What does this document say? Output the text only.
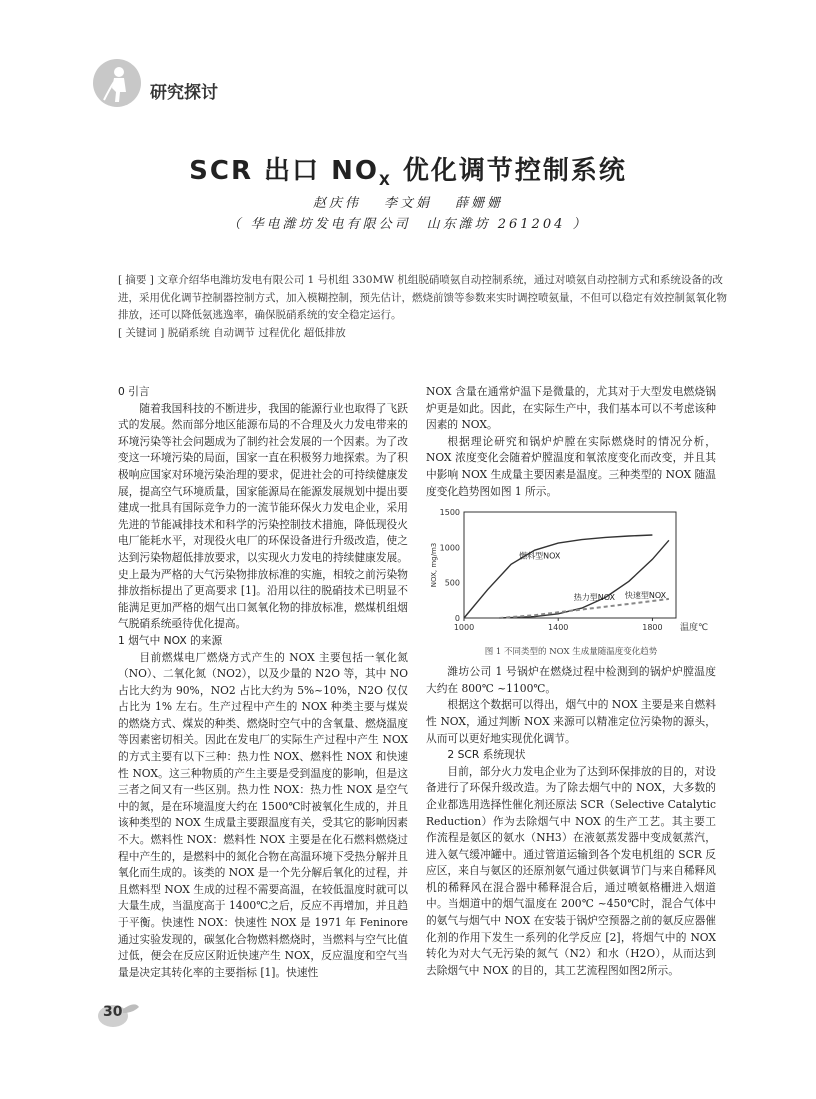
研究探讨
SCR 出口 $NO_X$ 优化调节控制系统
赵庆伟　 李文娟　 薛姗姗
（ 华电潍坊发电有限公司　山东潍坊 261204 ）
[ 摘要 ] 文章介绍华电潍坊发电有限公司 1 号机组 330MW 机组脱硝喷氨自动控制系统，通过对喷氨自动控制方式和系统设备的改进，采用优化调节控制器控制方式，加入模糊控制，预先估计，燃烧前馈等参数来实时调控喷氨量，不但可以稳定有效控制氮氧化物排放，还可以降低氨逃逸率，确保脱硝系统的安全稳定运行。
[ 关键词 ] 脱硝系统 自动调节 过程优化 超低排放
0 引言

随着我国科技的不断进步，我国的能源行业也取得了飞跃式的发展。然而部分地区能源布局的不合理及火力发电带来的环境污染等社会问题成为了制约社会发展的一个因素。为了改变这一环境污染的局面，国家一直在积极努力地探索。为了积极响应国家对环境污染治理的要求，促进社会的可持续健康发展，提高空气环境质量，国家能源局在能源发展规划中提出要建成一批具有国际竞争力的一流节能环保火力发电企业，采用先进的节能减排技术和科学的污染控制技术措施，降低现役火电厂能耗水平，对现役火电厂的环保设备进行升级改造，使之达到污染物超低排放要求，以实现火力发电的持续健康发展。史上最为严格的大气污染物排放标准的实施，相较之前污染物排放指标提出了更高要求 [1]。沿用以往的脱硝技术已明显不能满足更加严格的烟气出口氮氧化物的排放标准，燃煤机组烟气脱硝系统亟待优化提高。

1 烟气中 NOX 的来源

目前燃煤电厂燃烧方式产生的 NOX 主要包括一氧化氮（NO）、二氧化氮（NO2），以及少量的 N2O 等，其中 NO 占比大约为 90%，NO2 占比大约为 5%~10%，N2O 仅仅占比为 1% 左右。生产过程中产生的 NOX 种类主要与煤炭的燃烧方式、煤炭的种类、燃烧时空气中的含氧量、燃烧温度等因素密切相关。因此在发电厂的实际生产过程中产生 NOX 的方式主要有以下三种：热力性 NOX、燃料性 NOX 和快速性 NOX。这三种物质的产生主要是受到温度的影响，但是这三者之间又有一些区别。热力性 NOX：热力性 NOX 是空气中的氮，是在环境温度大约在 1500℃时被氧化生成的，并且该种类型的 NOX 生成量主要跟温度有关，受其它的影响因素不大。燃料性 NOX：燃料性 NOX 主要是在化石燃料燃烧过程中产生的，是燃料中的氮化合物在高温环境下受热分解并且氧化而生成的。该类的 NOX 是一个先分解后氧化的过程，并且燃料型 NOX 生成的过程不需要高温，在较低温度时就可以大量生成，当温度高于 1400℃之后，反应不再增加，并且趋于平衡。快速性 NOX：快速性 NOX 是 1971 年 Feninore 通过实验发现的，碳氢化合物燃料燃烧时，当燃料与空气比值过低，便会在反应区附近快速产生 NOX，反应温度和空气当量是决定其转化率的主要指标 [1]。快速性

NOX 含量在通常炉温下是微量的，尤其对于大型发电燃烧锅炉更是如此。因此，在实际生产中，我们基本可以不考虑该种因素的 NOX。

根据理论研究和锅炉炉膛在实际燃烧时的情况分析，NOX 浓度变化会随着炉膛温度和氧浓度变化而改变，并且其中影响 NOX 生成量主要因素是温度。三种类型的 NOX 随温度变化趋势图如图 1 所示。

0
500
1000
1500
1000	1400	1800 温度℃
NOX, mg/m3	燃料型NOX
热力型NOX 快速型NOX
图 1 不同类型的 NOX 生成量随温度变化趋势

潍坊公司 1 号锅炉在燃烧过程中检测到的锅炉炉膛温度大约在 800℃ ~1100℃。

根据这个数据可以得出，烟气中的 NOX 主要是来自燃料性 NOX，通过判断 NOX 来源可以精准定位污染物的源头，从而可以更好地实现优化调节。

2 SCR 系统现状

目前，部分火力发电企业为了达到环保排放的目的，对设备进行了环保升级改造。为了除去烟气中的 NOX，大多数的企业都选用选择性催化剂还原法 SCR（Selective Catalytic Reduction）作为去除烟气中 NOX 的生产工艺。其主要工作流程是氨区的氨水（NH3）在液氨蒸发器中变成氨蒸汽，进入氨气缓冲罐中。通过管道运输到各个发电机组的 SCR 反应区，来自与氨区的还原剂氨气通过供氨调节门与来自稀释风机的稀释风在混合器中稀释混合后，通过喷氨格栅进入烟道中。当烟道中的烟气温度在 200℃ ~450℃时，混合气体中的氨气与烟气中 NOX 在安装于锅炉空预器之前的氨反应器催化剂的作用下发生一系列的化学反应 [2]，将烟气中的 NOX 转化为对大气无污染的氮气（N2）和水（H2O），从而达到去除烟气中 NOX 的目的，其工艺流程图如图2所示。

30
